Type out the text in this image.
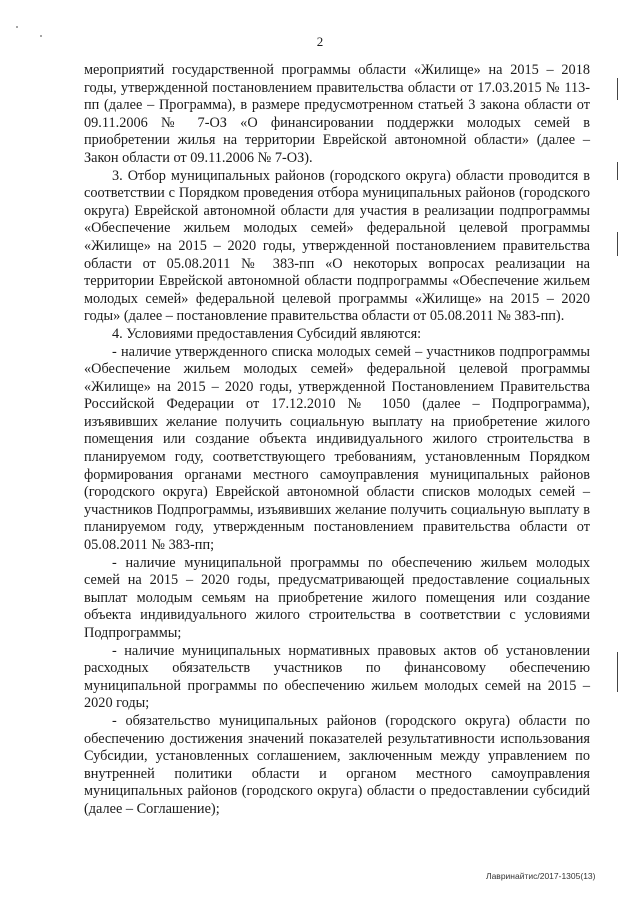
2

мероприятий государственной программы области «Жилище» на 2015 – 2018 годы, утвержденной постановлением правительства области от 17.03.2015 № 113-пп (далее – Программа), в размере предусмотренном статьей 3 закона области от 09.11.2006 № 7-ОЗ «О финансировании поддержки молодых семей в приобретении жилья на территории Еврейской автономной области» (далее – Закон области от 09.11.2006 № 7-ОЗ).

3. Отбор муниципальных районов (городского округа) области проводится в соответствии с Порядком проведения отбора муниципальных районов (городского округа) Еврейской автономной области для участия в реализации подпрограммы «Обеспечение жильем молодых семей» федеральной целевой программы «Жилище» на 2015 – 2020 годы, утвержденной постановлением правительства области от 05.08.2011 № 383-пп «О некоторых вопросах реализации на территории Еврейской автономной области подпрограммы «Обеспечение жильем молодых семей» федеральной целевой программы «Жилище» на 2015 – 2020 годы» (далее – постановление правительства области от 05.08.2011 № 383-пп).

4. Условиями предоставления Субсидий являются:

- наличие утвержденного списка молодых семей – участников подпрограммы «Обеспечение жильем молодых семей» федеральной целевой программы «Жилище» на 2015 – 2020 годы, утвержденной Постановлением Правительства Российской Федерации от 17.12.2010 № 1050 (далее – Подпрограмма), изъявивших желание получить социальную выплату на приобретение жилого помещения или создание объекта индивидуального жилого строительства в планируемом году, соответствующего требованиям, установленным Порядком формирования органами местного самоуправления муниципальных районов (городского округа) Еврейской автономной области списков молодых семей – участников Подпрограммы, изъявивших желание получить социальную выплату в планируемом году, утвержденным постановлением правительства области от 05.08.2011 № 383-пп;

- наличие муниципальной программы по обеспечению жильем молодых семей на 2015 – 2020 годы, предусматривающей предоставление социальных выплат молодым семьям на приобретение жилого помещения или создание объекта индивидуального жилого строительства в соответствии с условиями Подпрограммы;

- наличие муниципальных нормативных правовых актов об установлении расходных обязательств участников по финансовому обеспечению муниципальной программы по обеспечению жильем молодых семей на 2015 – 2020 годы;

- обязательство муниципальных районов (городского округа) области по обеспечению достижения значений показателей результативности использования Субсидии, установленных соглашением, заключенным между управлением по внутренней политики области и органом местного самоуправления муниципальных районов (городского округа) области о предоставлении субсидий (далее – Соглашение);

Лавринайтис/2017-1305(13)
